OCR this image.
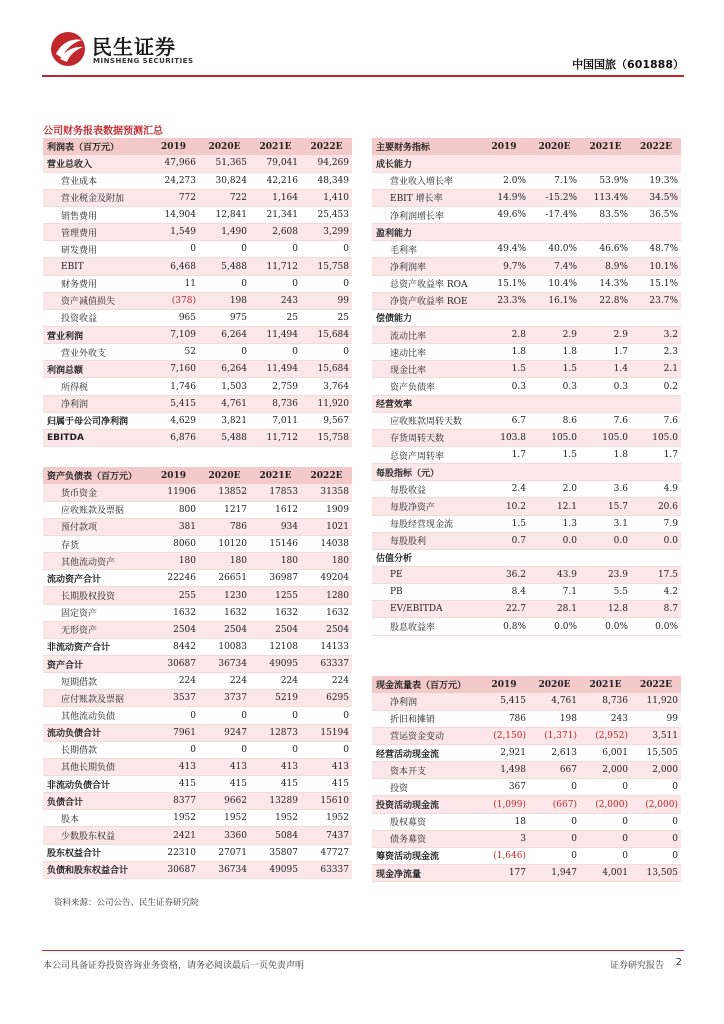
民生证券
MINSHENG SECURITIES	中国国旅（601888）
公司财务报表数据预测汇总
利润表（百万元）	2019	2020E	2021E	2022E
营业总收入	47,966	51,365	79,041	94,269
营业成本	24,273	30,824	42,216	48,349
营业税金及附加	772	722	1,164	1,410
销售费用	14,904	12,841	21,341	25,453
管理费用	1,549	1,490	2,608	3,299
研发费用	0	0	0	0
EBIT	6,468	5,488	11,712	15,758
财务费用	11	0	0	0
资产减值损失	(378)	198	243	99
投资收益	965	975	25	25
营业利润	7,109	6,264	11,494	15,684
营业外收支	52	0	0	0
利润总额	7,160	6,264	11,494	15,684
所得税	1,746	1,503	2,759	3,764
净利润	5,415	4,761	8,736	11,920
归属于母公司净利润	4,629	3,821	7,011	9,567
EBITDA	6,876	5,488	11,712	15,758
资产负债表（百万元）	2019	2020E	2021E	2022E
货币资金	11906	13852	17853	31358
应收账款及票据	800	1217	1612	1909
预付款项	381	786	934	1021
存货	8060	10120	15146	14038
其他流动资产	180	180	180	180
流动资产合计	22246	26651	36987	49204
长期股权投资	255	1230	1255	1280
固定资产	1632	1632	1632	1632
无形资产	2504	2504	2504	2504
非流动资产合计	8442	10083	12108	14133
资产合计	30687	36734	49095	63337
短期借款	224	224	224	224
应付账款及票据	3537	3737	5219	6295
其他流动负债	0	0	0	0
流动负债合计	7961	9247	12873	15194
长期借款	0	0	0	0
其他长期负债	413	413	413	413
非流动负债合计	415	415	415	415
负债合计	8377	9662	13289	15610
股本	1952	1952	1952	1952
少数股东权益	2421	3360	5084	7437
股东权益合计	22310	27071	35807	47727
负债和股东权益合计	30687	36734	49095	63337
主要财务指标	2019	2020E	2021E	2022E
成长能力				
营业收入增长率	2.0%	7.1%	53.9%	19.3%
EBIT 增长率	14.9%	-15.2%	113.4%	34.5%
净利润增长率	49.6%	-17.4%	83.5%	36.5%
盈利能力				
毛利率	49.4%	40.0%	46.6%	48.7%
净利润率	9.7%	7.4%	8.9%	10.1%
总资产收益率 ROA	15.1%	10.4%	14.3%	15.1%
净资产收益率 ROE	23.3%	16.1%	22.8%	23.7%
偿债能力				
流动比率	2.8	2.9	2.9	3.2
速动比率	1.8	1.8	1.7	2.3
现金比率	1.5	1.5	1.4	2.1
资产负债率	0.3	0.3	0.3	0.2
经营效率				
应收账款周转天数	6.7	8.6	7.6	7.6
存货周转天数	103.8	105.0	105.0	105.0
总资产周转率	1.7	1.5	1.8	1.7
每股指标（元）				
每股收益	2.4	2.0	3.6	4.9
每股净资产	10.2	12.1	15.7	20.6
每股经营现金流	1.5	1.3	3.1	7.9
每股股利	0.7	0.0	0.0	0.0
估值分析				
PE	36.2	43.9	23.9	17.5
PB	8.4	7.1	5.5	4.2
EV/EBITDA	22.7	28.1	12.8	8.7
股息收益率	0.8%	0.0%	0.0%	0.0%
现金流量表（百万元）	2019	2020E	2021E	2022E
净利润	5,415	4,761	8,736	11,920
折旧和摊销	786	198	243	99
营运资金变动	(2,150)	(1,371)	(2,952)	3,511
经营活动现金流	2,921	2,613	6,001	15,505
资本开支	1,498	667	2,000	2,000
投资	367	0	0	0
投资活动现金流	(1,099)	(667)	(2,000)	(2,000)
股权募资	18	0	0	0
债务募资	3	0	0	0
筹资活动现金流	(1,646)	0	0	0
现金净流量	177	1,947	4,001	13,505
资料来源：公司公告、民生证券研究院
本公司具备证券投资咨询业务资格，请务必阅读最后一页免责声明	证券研究报告 2
